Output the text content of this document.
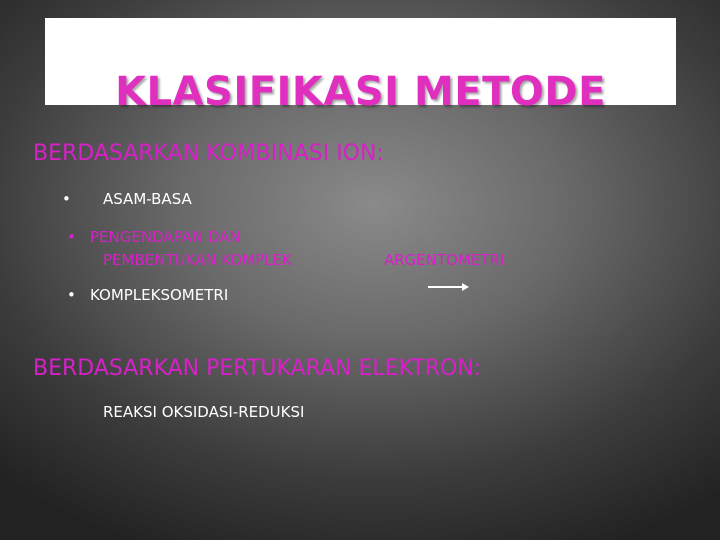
KLASIFIKASI METODE
BERDASARKAN KOMBINASI ION:
• ASAM-BASA
• PENGENDAPAN DAN
PEMBENTUKAN KOMPLEK	ARGENTOMETRI
• KOMPLEKSOMETRI
BERDASARKAN PERTUKARAN ELEKTRON:
REAKSI OKSIDASI-REDUKSI
